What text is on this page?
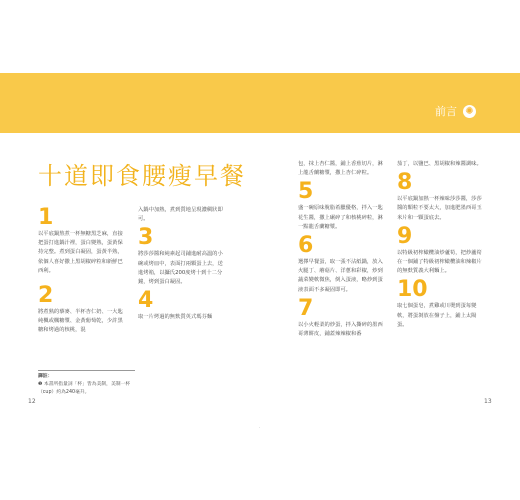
前言 ✺
十道即食腰瘦早餐
1

以平底鍋熬煮一杯無糖黑芝麻，直接把蛋打進鍋汁裡，蛋白變熟，蛋黃保持完整。煮到蛋白凝固，蛋黃半熟，依個人喜好撒上黑胡椒碎粒和新鮮巴西利。

2

將煮熟的藜麥、半杯杏仁奶、一大匙純楓或楓糖漿、金黃葡萄乾，少許黑糖和烤過的核桃，混

入鍋中加熱，煮到質地呈現濃稠狀即可。

3

將莎莎醬和純素起司鋪進耐高溫的小碗或烤皿中，表面打兩顆蛋上去，送進烤箱，以攝氏200度烤十到十二分鐘，烤到蛋白凝固。

4

取一片烤過的無麩質英式瑪芬麵

包，抹上杏仁醬，鋪上香蕉切片，淋上龍舌蘭糖漿，撒上杏仁碎粒。

5

盛一碗原味脫脂希臘優格，拌入一匙花生醬，撒上碾碎了和核桃碎粒，淋一點龍舌蘭糖漿。

6

選擇早餐蛋，取一張不沾紙鍋，放入火腿丁、蘑菇片、洋蔥和彩椒，炒到蔬菜變軟微焦，倒入蛋液，略炒到蛋液表面不多凝固即可。

7

以小火輕柔的炒蛋，拌入撕碎的墨西哥薄餅皮，鋪蓋辣辣椒和番

茄丁，以鹽巴、黑胡椒和辣醬調味。

8

以平底鍋加熱一杯辣味莎莎醬，莎莎醬的顆粒不要太大，加進肥墨西哥玉米片和一顆蛋底去。

9

以特級初榨橄欖油炒蘆筍，把炒蘆筍在一個鋪了特級初榨橄欖油和辣椒片的無麩質義大利麵上。

10

取七個蛋皂，煮雞或川燙到蛋每變軟，將蛋剝放在盤子上，鋪上太陽蛋。

譯註：
❶ 本書所指量詞「杯」皆為美制，美制一杯（cup）約為240毫升。
12	13
‧
